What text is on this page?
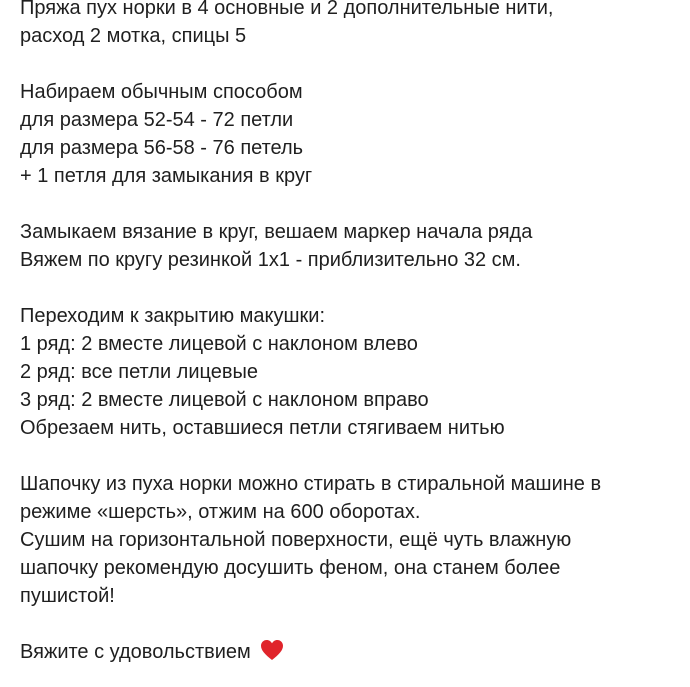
Пряжа пух норки в 4 основные и 2 дополнительные нити,
расход 2 мотка, спицы 5
Набираем обычным способом
для размера 52-54 - 72 петли
для размера 56-58 - 76 петель
+ 1 петля для замыкания в круг
Замыкаем вязание в круг, вешаем маркер начала ряда
Вяжем по кругу резинкой 1х1 - приблизительно 32 см.
Переходим к закрытию макушки:
1 ряд: 2 вместе лицевой с наклоном влево
2 ряд: все петли лицевые
3 ряд: 2 вместе лицевой с наклоном вправо
Обрезаем нить, оставшиеся петли стягиваем нитью
Шапочку из пуха норки можно стирать в стиральной машине в
режиме «шерсть», отжим на 600 оборотах.
Сушим на горизонтальной поверхности, ещё чуть влажную
шапочку рекомендую досушить феном, она станем более
пушистой!
Вяжите с удовольствием
